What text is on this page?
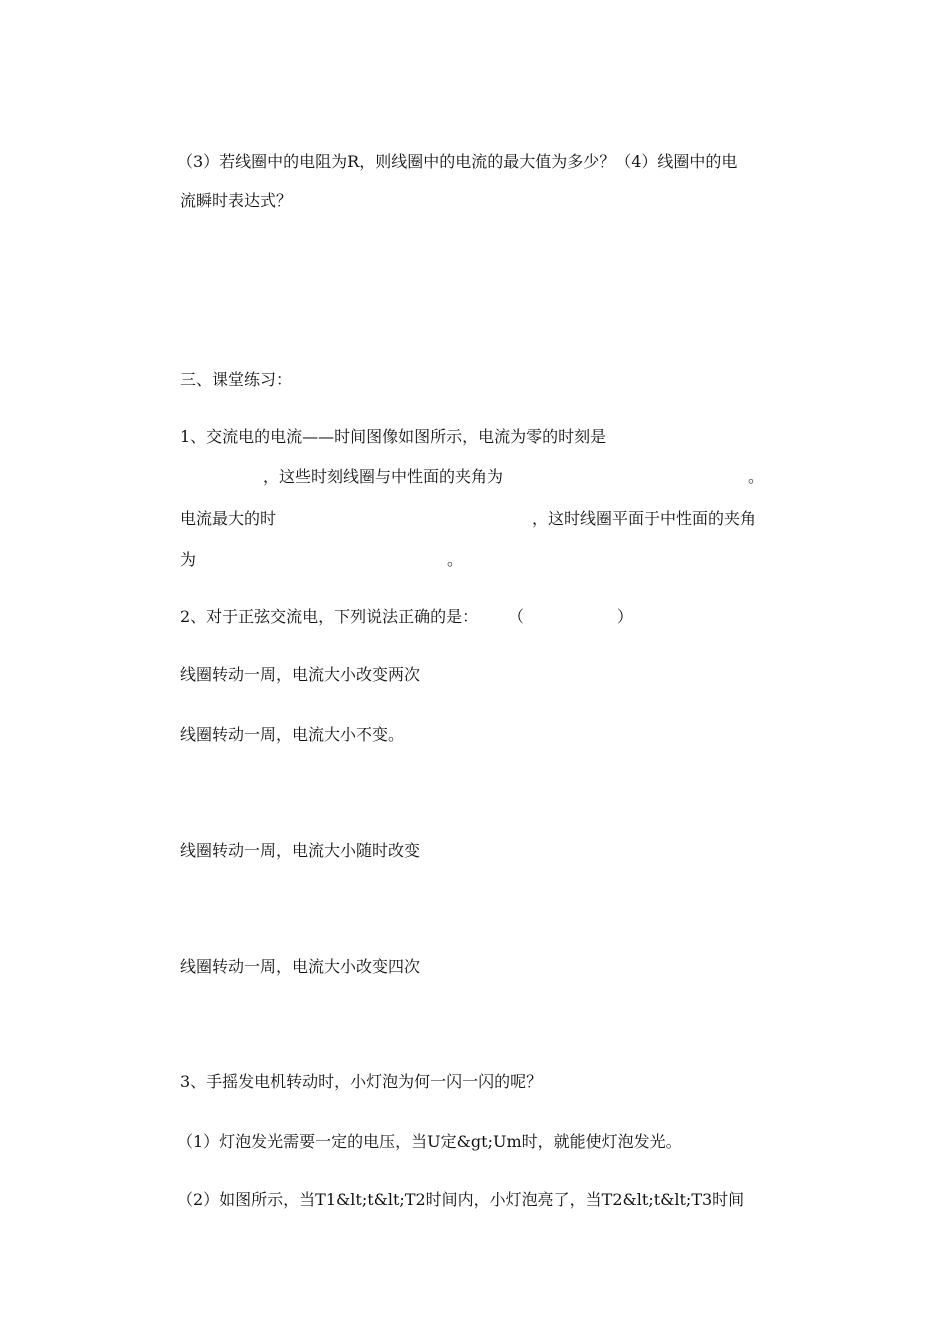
（3）若线圈中的电阻为R，则线圈中的电流的最大值为多少？（4）线圈中的电
流瞬时表达式？
三、课堂练习：
1、交流电的电流——时间图像如图所示，电流为零的时刻是
，这些时刻线圈与中性面的夹角为	。
电流最大的时	，这时线圈平面于中性面的夹角
为	。
2、对于正弦交流电，下列说法正确的是： （	）
线圈转动一周，电流大小改变两次
线圈转动一周，电流大小不变。
线圈转动一周，电流大小随时改变
线圈转动一周，电流大小改变四次
3、手摇发电机转动时，小灯泡为何一闪一闪的呢？
（1）灯泡发光需要一定的电压，当U定&gt;Um时，就能使灯泡发光。
（2）如图所示，当T1&lt;t&lt;T2时间内，小灯泡亮了，当T2&lt;t&lt;T3时间
